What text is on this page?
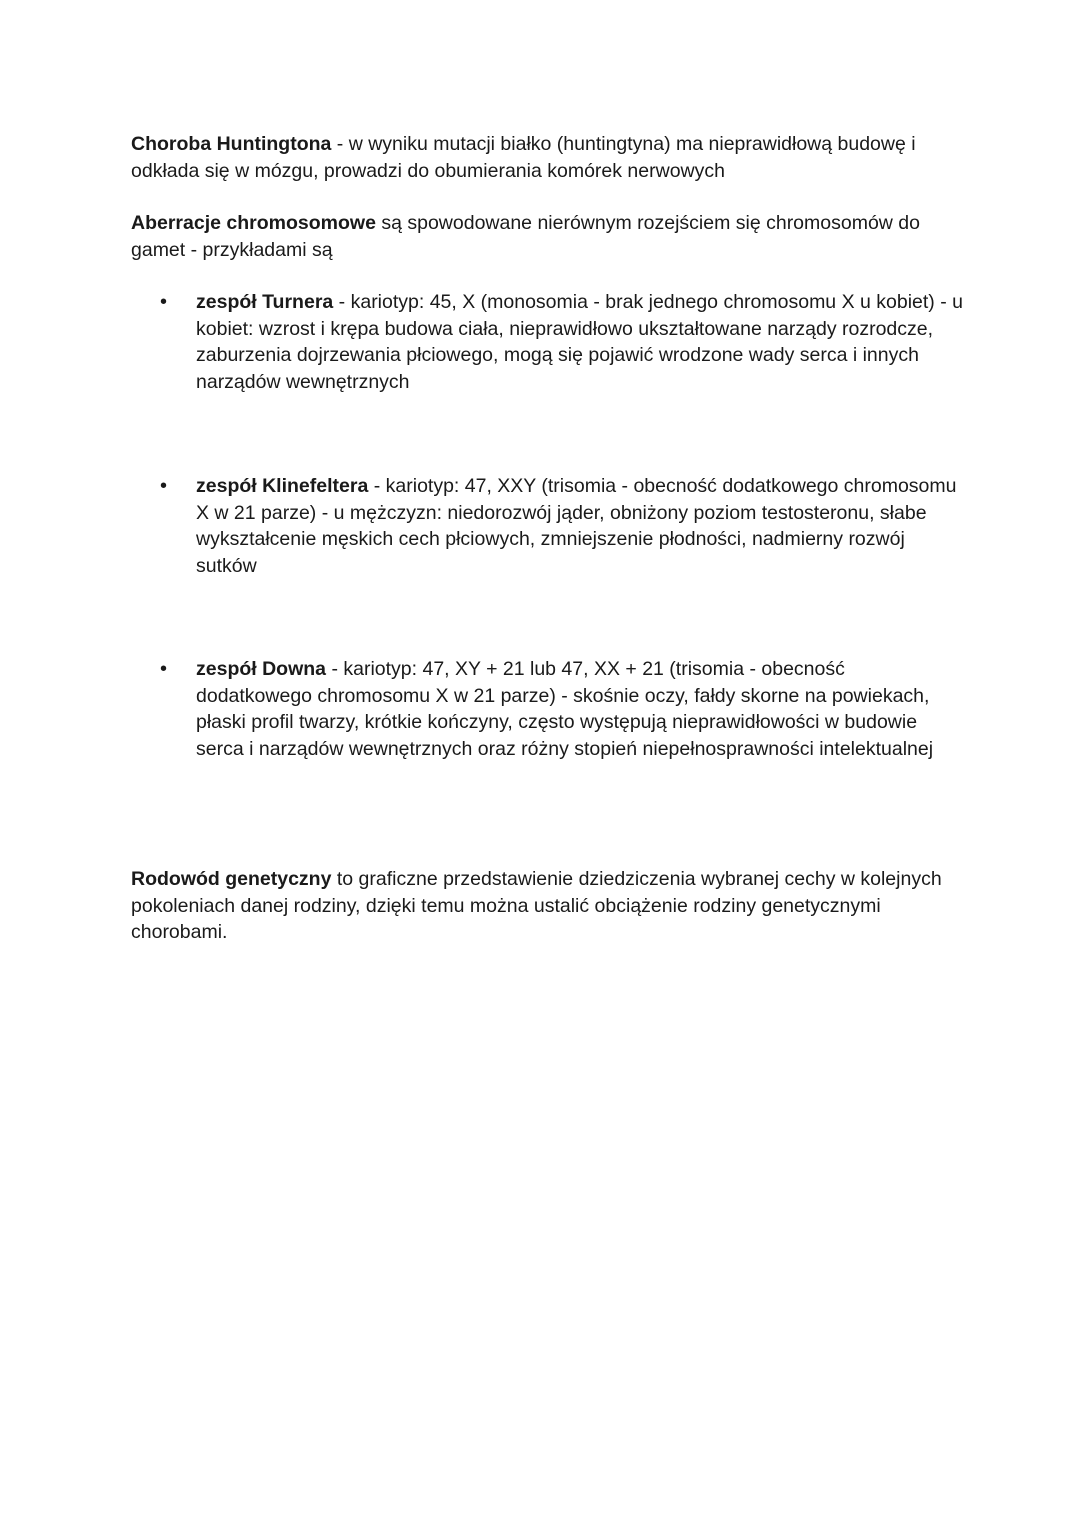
Choroba Huntingtona - w wyniku mutacji białko (huntingtyna) ma nieprawidłową budowę i odkłada się w mózgu, prowadzi do obumierania komórek nerwowych

Aberracje chromosomowe są spowodowane nierównym rozejściem się chromosomów do gamet - przykładami są

•	zespół Turnera - kariotyp: 45, X (monosomia - brak jednego chromosomu X u kobiet) - u kobiet: wzrost i krępa budowa ciała, nieprawidłowo ukształtowane narządy rozrodcze, zaburzenia dojrzewania płciowego, mogą się pojawić wrodzone wady serca i innych narządów wewnętrznych

•	zespół Klinefeltera - kariotyp: 47, XXY (trisomia - obecność dodatkowego chromosomu X w 21 parze) - u mężczyzn: niedorozwój jąder, obniżony poziom testosteronu, słabe wykształcenie męskich cech płciowych, zmniejszenie płodności, nadmierny rozwój sutków

•	zespół Downa - kariotyp: 47, XY + 21 lub 47, XX + 21 (trisomia - obecność dodatkowego chromosomu X w 21 parze) - skośnie oczy, fałdy skorne na powiekach, płaski profil twarzy, krótkie kończyny, często występują nieprawidłowości w budowie serca i narządów wewnętrznych oraz różny stopień niepełnosprawności intelektualnej

Rodowód genetyczny to graficzne przedstawienie dziedziczenia wybranej cechy w kolejnych pokoleniach danej rodziny, dzięki temu można ustalić obciążenie rodziny genetycznymi chorobami.
